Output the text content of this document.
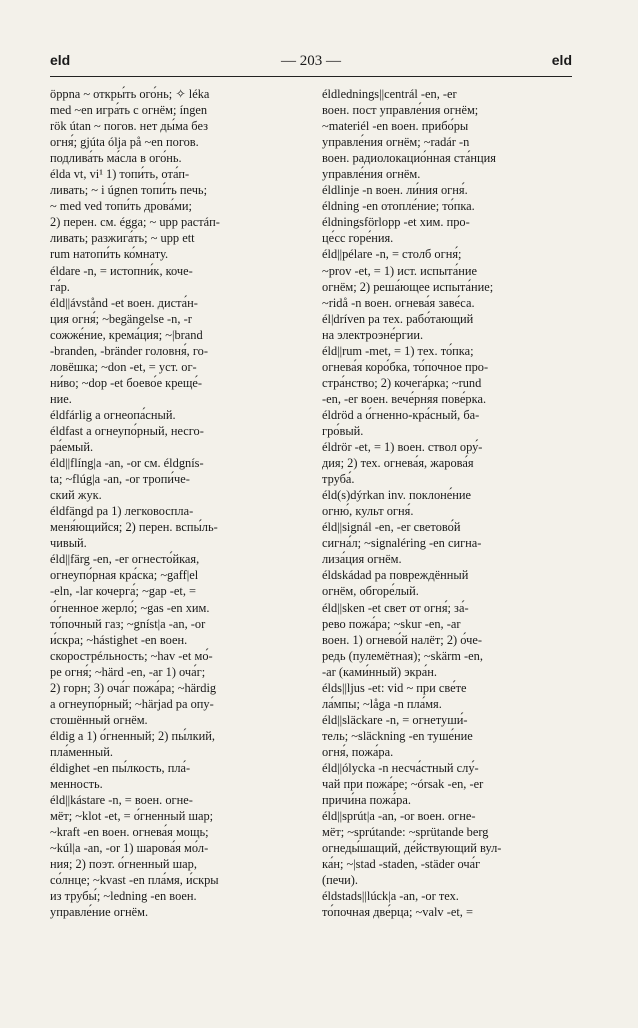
eld	— 203 —	eld
öppna ~ откры́ть ого́нь; ✧ léka
med ~en игра́ть с огнём; íngen
rök útan ~ погов. нет ды́ма без
огня́; gjúta ólja på ~en погов.
подлива́ть ма́сла в ого́нь.
élda vt, vi¹ 1) топи́ть, ота́п-
ливать; ~ i úgnen топи́ть печь;
~ med ved топи́ть дрова́ми;
2) перен. см. égga; ~ upp растáп-
ливать; разжига́ть; ~ upp ett
rum натопи́ть ко́мнату.
éldare -n, = истопни́к, коче-
га́р.
éld||ávstånd -et воен. диста́н-
ция огня́; ~begängelse -n, -r
сожже́ние, крема́ция; ~|brand
-branden, -bränder головня́, го-
ловёшка; ~don -et, = уст. ог-
ни́во; ~dop -et боево́е креще́-
ние.
éldfárlig a огнеопа́сный.
éldfast a огнеупо́рный, несго-
ра́емый.
éld||flíng|a -an, -or см. éldgnís-
ta; ~flúg|a -an, -or тропи́че-
ский жук.
éldfängd pa 1) легковоспла-
меня́ющийся; 2) перен. вспы́ль-
чивый.
éld||färg -en, -er огнесто́йкая,
огнеупо́рная кра́ска; ~gaff|el
-eln, -lar кочерга́; ~gap -et, =
о́гненное жерло́; ~gas -en хим.
то́почный газ; ~gníst|a -an, -or
и́скра; ~hástighet -en воен.
скорострéльность; ~hav -et мо́-
ре огня́; ~härd -en, -ar 1) оча́г;
2) горн; 3) оча́г пожа́ра; ~härdig
a огнеупо́рный; ~härjad pa опу-
стошённый огнём.
éldig a 1) о́гненный; 2) пы́лкий,
пла́менный.
éldighet -en пы́лкость, пла́-
менность.
éld||kástare -n, = воен. огне-
мёт; ~klot -et, = о́гненный шар;
~kraft -en воен. огнева́я мощь;
~kúl|a -an, -or 1) шарова́я мо́л-
ния; 2) поэт. о́гненный шар,
со́лнце; ~kvast -en пла́мя, и́скры
из трубы́; ~ledning -en воен.
управле́ние огнём.
éldlednings||centrál -en, -er
воен. пост управле́ния огнём;
~materiél -en воен. прибо́ры
управле́ния огнём; ~radár -n
воен. радиолокацио́нная ста́нция
управле́ния огнём.
éldlinje -n воен. ли́ния огня́.
éldning -en отопле́ние; то́пка.
éldningsförlopp -et хим. про-
це́сс горе́ния.
éld||pélare -n, = столб огня́;
~prov -et, = 1) ист. испыта́ние
огнём; 2) реша́ющее испыта́ние;
~ridå -n воен. огнева́я заве́са.
él|dríven pa тех. рабо́тающий
на электроэне́ргии.
éld||rum -met, = 1) тех. то́пка;
огнева́я коро́бка, то́почное про-
стра́нство; 2) кочега́рка; ~rund
-en, -er воен. вече́рняя пове́рка.
éldröd a о́гненно-кра́сный, ба-
гро́вый.
éldrör -et, = 1) воен. ствол ору́-
дия; 2) тех. огнева́я, жарова́я
труба́.
éld(s)dýrkan inv. поклоне́ние
огню́, культ огня́.
éld||signál -en, -er светово́й
сигна́л; ~signaléring -en сигна-
лиза́ция огнём.
éldskádad pa повреждённый
огнём, обгоре́лый.
éld||sken -et свет от огня́; за́-
рево пожа́ра; ~skur -en, -ar
воен. 1) огнево́й налёт; 2) о́че-
редь (пулемётная); ~skärm -en,
-ar (ками́нный) экра́н.
élds||ljus -et: vid ~ при све́те
ла́мпы; ~låga -n пла́мя.
éld||släckare -n, = огнетуши́-
тель; ~släckning -en туше́ние
огня́, пожа́ра.
éld||ólycka -n несча́стный слу́-
чай при пожа́ре; ~órsak -en, -er
причи́на пожа́ра.
éld||sprút|a -an, -or воен. огне-
мёт; ~sprútande: ~sprütande berg
огнеды́шащий, де́йствующий вул-
ка́н; ~|stad -staden, -städer оча́г
(печи).
éldstads||lúck|a -an, -or тех.
то́почная две́рца; ~valv -et, =
